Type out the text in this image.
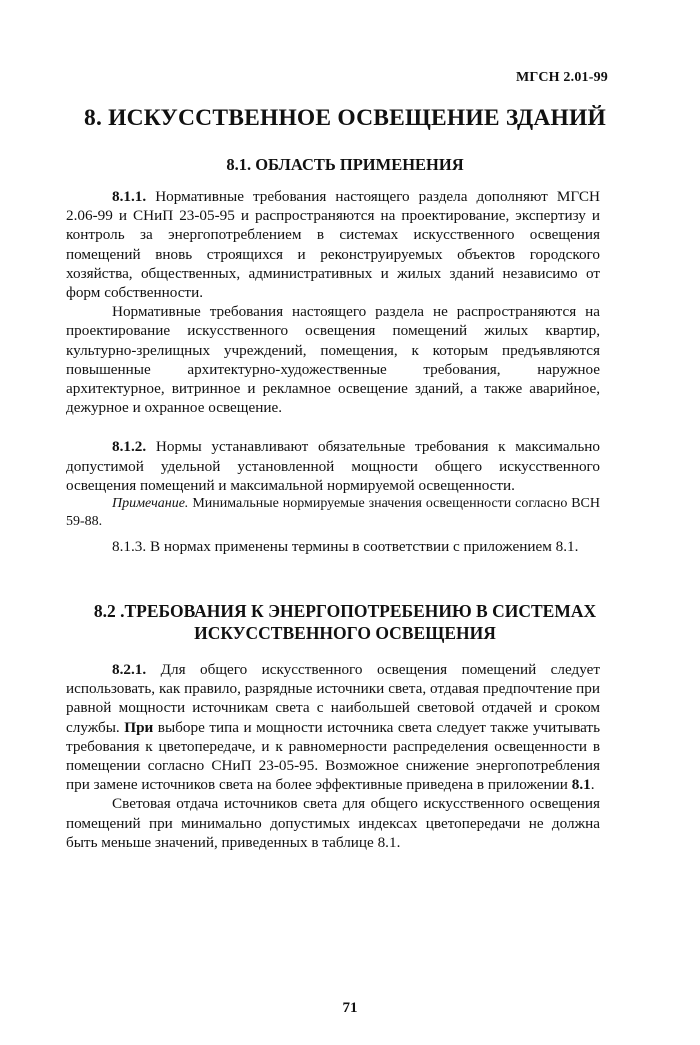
МГСН 2.01-99
8. ИСКУССТВЕННОЕ ОСВЕЩЕНИЕ ЗДАНИЙ
8.1. ОБЛАСТЬ ПРИМЕНЕНИЯ

8.1.1. Нормативные требования настоящего раздела дополняют МГСН 2.06-99 и СНиП 23-05-95 и распространяются на проектирование, экспертизу и контроль за энергопотреблением в системах искусственного освещения помещений вновь строящихся и реконструируемых объектов городского хозяйства, общественных, административных и жилых зданий независимо от форм собственности.

Нормативные требования настоящего раздела не распространяются на проектирование искусственного освещения помещений жилых квартир, культурно-зрелищных учреждений, помещения, к которым предъявляются повышенные архитектурно-художественные требования, наружное архитектурное, витринное и рекламное освещение зданий, а также аварийное, дежурное и охранное освещение.

8.1.2. Нормы устанавливают обязательные требования к максимально допустимой удельной установленной мощности общего искусственного освещения помещений и максимальной нормируемой освещенности.

Примечание. Минимальные нормируемые значения освещенности согласно ВСН 59-88.

8.1.3. В нормах применены термины в соответствии с приложением 8.1.

8.2 .ТРЕБОВАНИЯ К ЭНЕРГОПОТРЕБЕНИЮ В СИСТЕМАХ
ИСКУССТВЕННОГО ОСВЕЩЕНИЯ

8.2.1. Для общего искусственного освещения помещений следует использовать, как правило, разрядные источники света, отдавая предпочтение при равной мощности источникам света с наибольшей световой отдачей и сроком службы. При выборе типа и мощности источника света следует также учитывать требования к цветопередаче, и к равномерности распределения освещенности в помещении согласно СНиП 23-05-95. Возможное снижение энергопотребления при замене источников света на более эффективные приведена в приложении 8.1.

Световая отдача источников света для общего искусственного освещения помещений при минимально допустимых индексах цветопередачи не должна быть меньше значений, приведенных в таблице 8.1.

71
